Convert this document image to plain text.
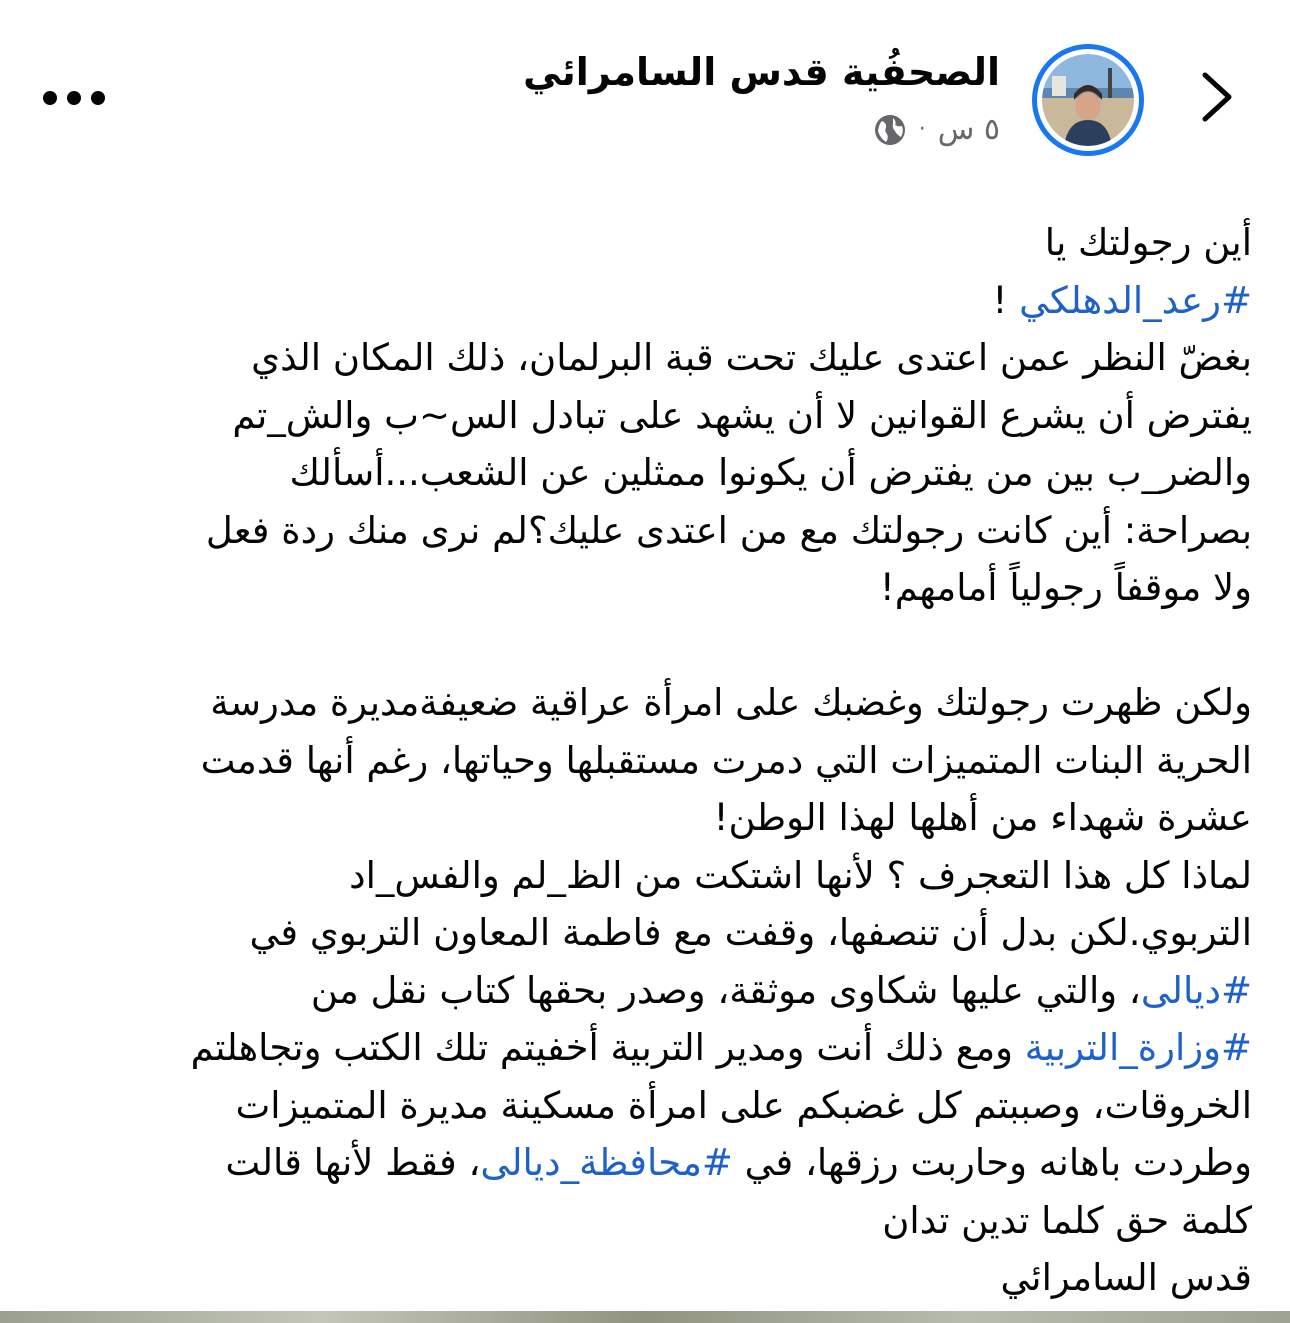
الصحفُية قدس السامرائي
٥ س
·
أين رجولتك يا
#رعد_الدهلكي !
بغضّ النظر عمن اعتدى عليك تحت قبة البرلمان، ذلك المكان الذي
يفترض أن يشرع القوانين لا أن يشهد على تبادل الس~ب والش_تم
والضر_ب بين من يفترض أن يكونوا ممثلين عن الشعب...أسألك
بصراحة: أين كانت رجولتك مع من اعتدى عليك؟لم نرى منك ردة فعل
ولا موقفاً رجولياً أمامهم!
ولكن ظهرت رجولتك وغضبك على امرأة عراقية ضعيفةمديرة مدرسة
الحرية البنات المتميزات التي دمرت مستقبلها وحياتها، رغم أنها قدمت
عشرة شهداء من أهلها لهذا الوطن!
لماذا كل هذا التعجرف ؟ لأنها اشتكت من الظ_لم والفس_اد
التربوي.لكن بدل أن تنصفها، وقفت مع فاطمة المعاون التربوي في
#ديالى، والتي عليها شكاوى موثقة، وصدر بحقها كتاب نقل من
#وزارة_التربية ومع ذلك أنت ومدير التربية أخفيتم تلك الكتب وتجاهلتم
الخروقات، وصببتم كل غضبكم على امرأة مسكينة مديرة المتميزات
وطردت باهانه وحاربت رزقها، في #محافظة_ديالى، فقط لأنها قالت
كلمة حق كلما تدين تدان
قدس السامرائي
